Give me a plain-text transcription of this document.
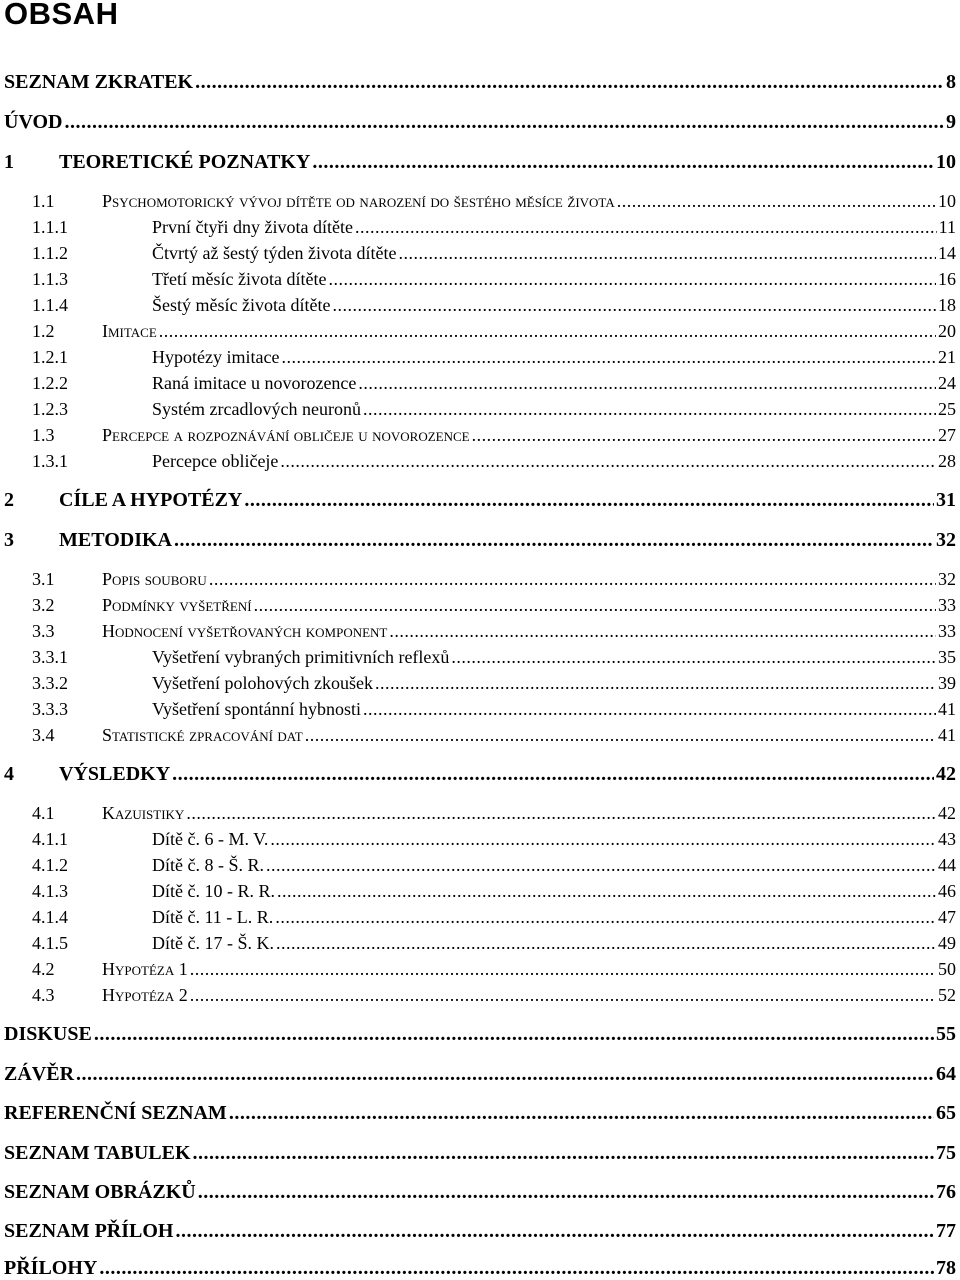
OBSAH
SEZNAM ZKRATEK .....	8
ÚVOD .....	9
1	TEORETICKÉ POZNATKY .....	10
1.1	Psychomotorický vývoj dítěte od narození do šestého měsíce života .....	10
1.1.1	První čtyři dny života dítěte .....	11
1.1.2	Čtvrtý až šestý týden života dítěte .....	14
1.1.3	Třetí měsíc života dítěte .....	16
1.1.4	Šestý měsíc života dítěte .....	18
1.2	Imitace .....	20
1.2.1	Hypotézy imitace .....	21
1.2.2	Raná imitace u novorozence .....	24
1.2.3	Systém zrcadlových neuronů .....	25
1.3	Percepce a rozpoznávání obličeje u novorozence .....	27
1.3.1	Percepce obličeje .....	28
2	CÍLE A HYPOTÉZY .....	31
3	METODIKA .....	32
3.1	Popis souboru .....	32
3.2	Podmínky vyšetření .....	33
3.3	Hodnocení vyšetřovaných komponent .....	33
3.3.1	Vyšetření vybraných primitivních reflexů .....	35
3.3.2	Vyšetření polohových zkoušek .....	39
3.3.3	Vyšetření spontánní hybnosti .....	41
3.4	Statistické zpracování dat .....	41
4	VÝSLEDKY .....	42
4.1	Kazuistiky .....	42
4.1.1	Dítě č. 6 - M. V. .....	43
4.1.2	Dítě č. 8 - Š. R. .....	44
4.1.3	Dítě č. 10 - R. R. .....	46
4.1.4	Dítě č. 11 - L. R. .....	47
4.1.5	Dítě č. 17 - Š. K. .....	49
4.2	Hypotéza 1 .....	50
4.3	Hypotéza 2 .....	52
DISKUSE .....	55
ZÁVĚR .....	64
REFERENČNÍ SEZNAM .....	65
SEZNAM TABULEK .....	75
SEZNAM OBRÁZKŮ .....	76
SEZNAM PŘÍLOH .....	77
PŘÍLOHY .....	78
